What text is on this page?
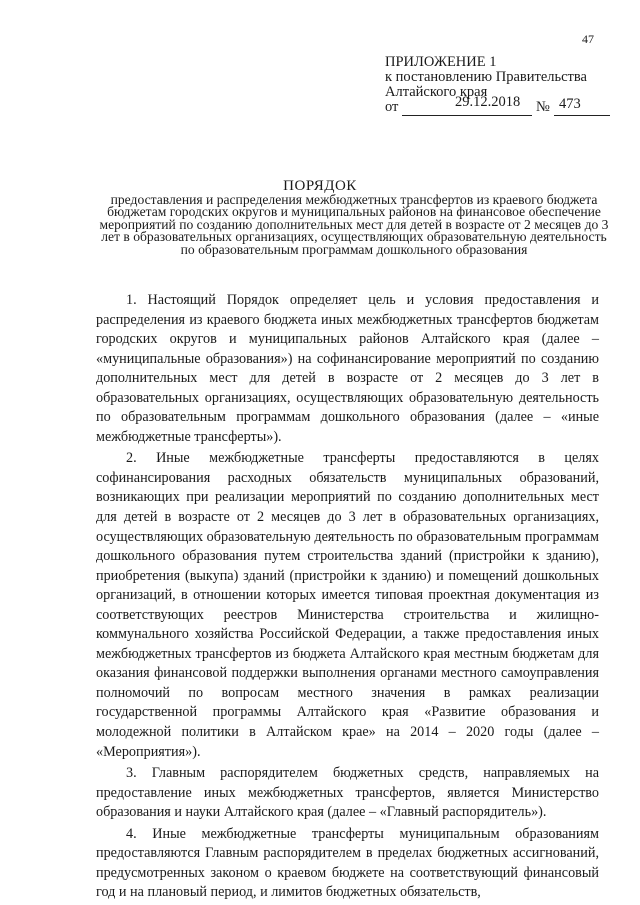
47
ПРИЛОЖЕНИЕ 1
к постановлению Правительства
Алтайского края
от	№
29.12.2018	473
ПОРЯДОК
предоставления и распределения межбюджетных трансфертов из краевого бюджета бюджетам городских округов и муниципальных районов на финансовое обеспечение мероприятий по созданию дополнительных мест для детей в возрасте от 2 месяцев до 3 лет в образовательных организациях, осуществляющих образовательную деятельность по образовательным программам дошкольного образования

1. Настоящий Порядок определяет цель и условия предоставления и распределения из краевого бюджета иных межбюджетных трансфертов бюджетам городских округов и муниципальных районов Алтайского края (далее – «муниципальные образования») на софинансирование мероприятий по созданию дополнительных мест для детей в возрасте от 2 месяцев до 3 лет в образовательных организациях, осуществляющих образовательную деятельность по образовательным программам дошкольного образования (далее – «иные межбюджетные трансферты»).

2. Иные межбюджетные трансферты предоставляются в целях софинансирования расходных обязательств муниципальных образований, возникающих при реализации мероприятий по созданию дополнительных мест для детей в возрасте от 2 месяцев до 3 лет в образовательных организациях, осуществляющих образовательную деятельность по образовательным программам дошкольного образования путем строительства зданий (пристройки к зданию), приобретения (выкупа) зданий (пристройки к зданию) и помещений дошкольных организаций, в отношении которых имеется типовая проектная документация из соответствующих реестров Министерства строительства и жилищно-коммунального хозяйства Российской Федерации, а также предоставления иных межбюджетных трансфертов из бюджета Алтайского края местным бюджетам для оказания финансовой поддержки выполнения органами местного самоуправления полномочий по вопросам местного значения в рамках реализации государственной программы Алтайского края «Развитие образования и молодежной политики в Алтайском крае» на 2014 – 2020 годы (далее – «Мероприятия»).

3. Главным распорядителем бюджетных средств, направляемых на предоставление иных межбюджетных трансфертов, является Министерство образования и науки Алтайского края (далее – «Главный распорядитель»).

4. Иные межбюджетные трансферты муниципальным образованиям предоставляются Главным распорядителем в пределах бюджетных ассигнований, предусмотренных законом о краевом бюджете на соответствующий финансовый год и на плановый период, и лимитов бюджетных обязательств,
